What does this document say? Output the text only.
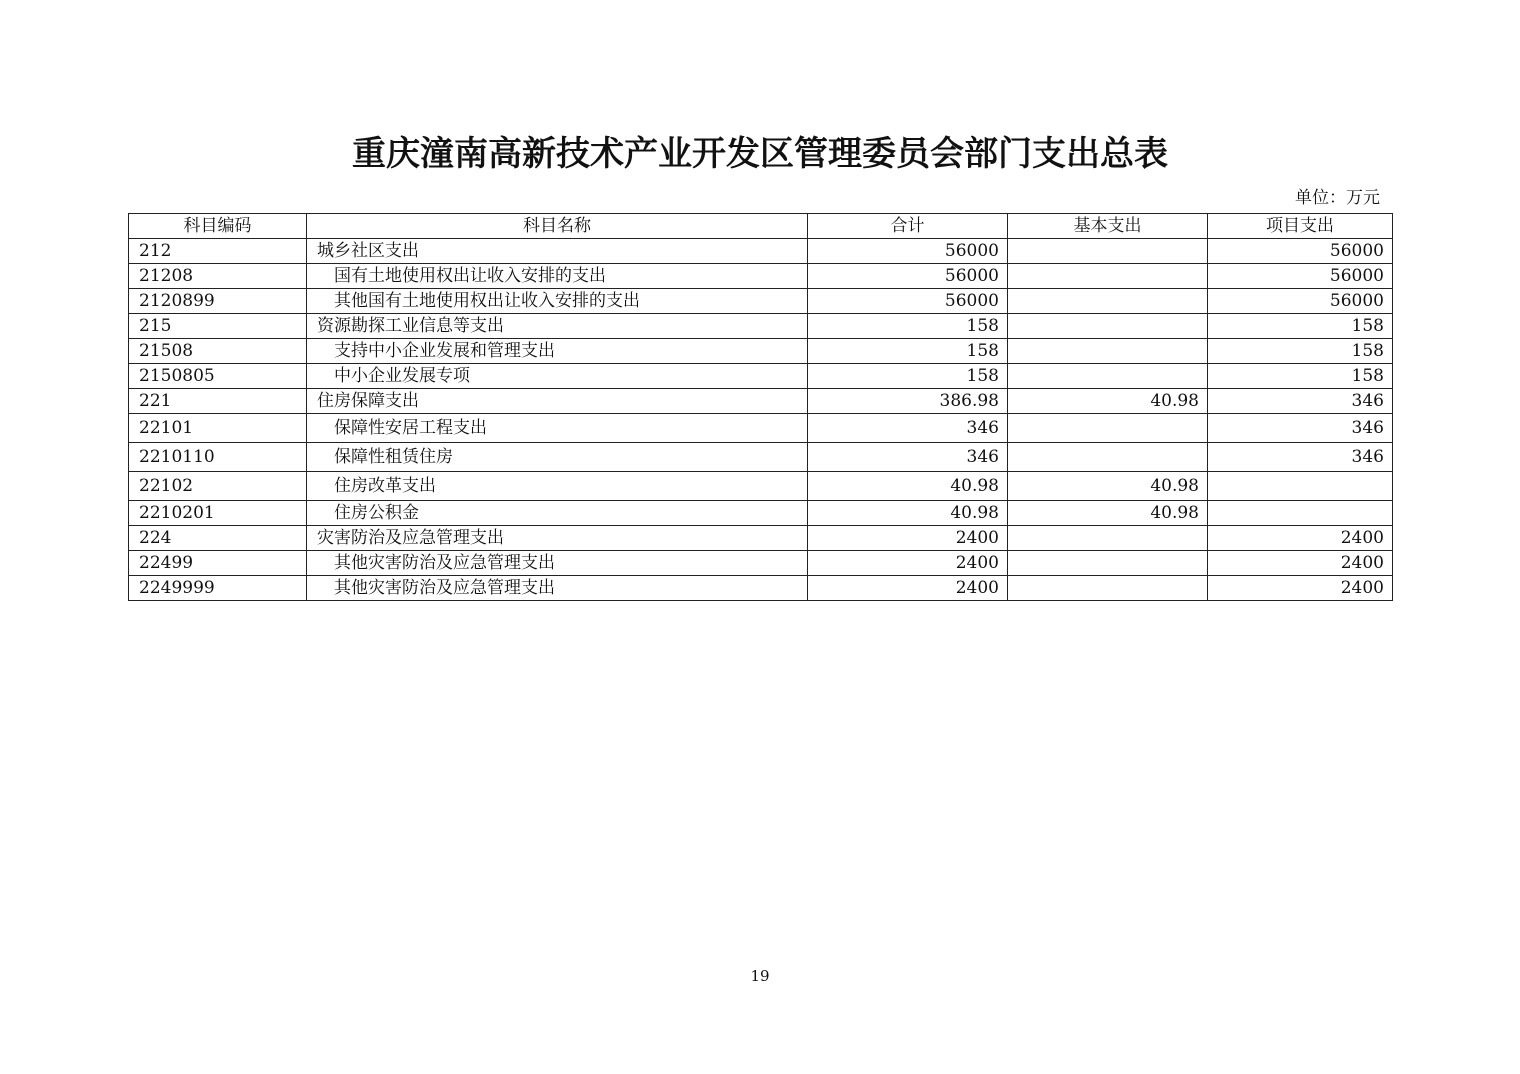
重庆潼南高新技术产业开发区管理委员会部门支出总表
单位：万元
科目编码	科目名称	合计	基本支出	项目支出
212	城乡社区支出	56000		56000
21208	国有土地使用权出让收入安排的支出	56000		56000
2120899	其他国有土地使用权出让收入安排的支出	56000		56000
215	资源勘探工业信息等支出	158		158
21508	支持中小企业发展和管理支出	158		158
2150805	中小企业发展专项	158		158
221	住房保障支出	386.98	40.98	346
22101	保障性安居工程支出	346		346
2210110	保障性租赁住房	346		346
22102	住房改革支出	40.98	40.98	
2210201	住房公积金	40.98	40.98	
224	灾害防治及应急管理支出	2400		2400
22499	其他灾害防治及应急管理支出	2400		2400
2249999	其他灾害防治及应急管理支出	2400		2400
19
